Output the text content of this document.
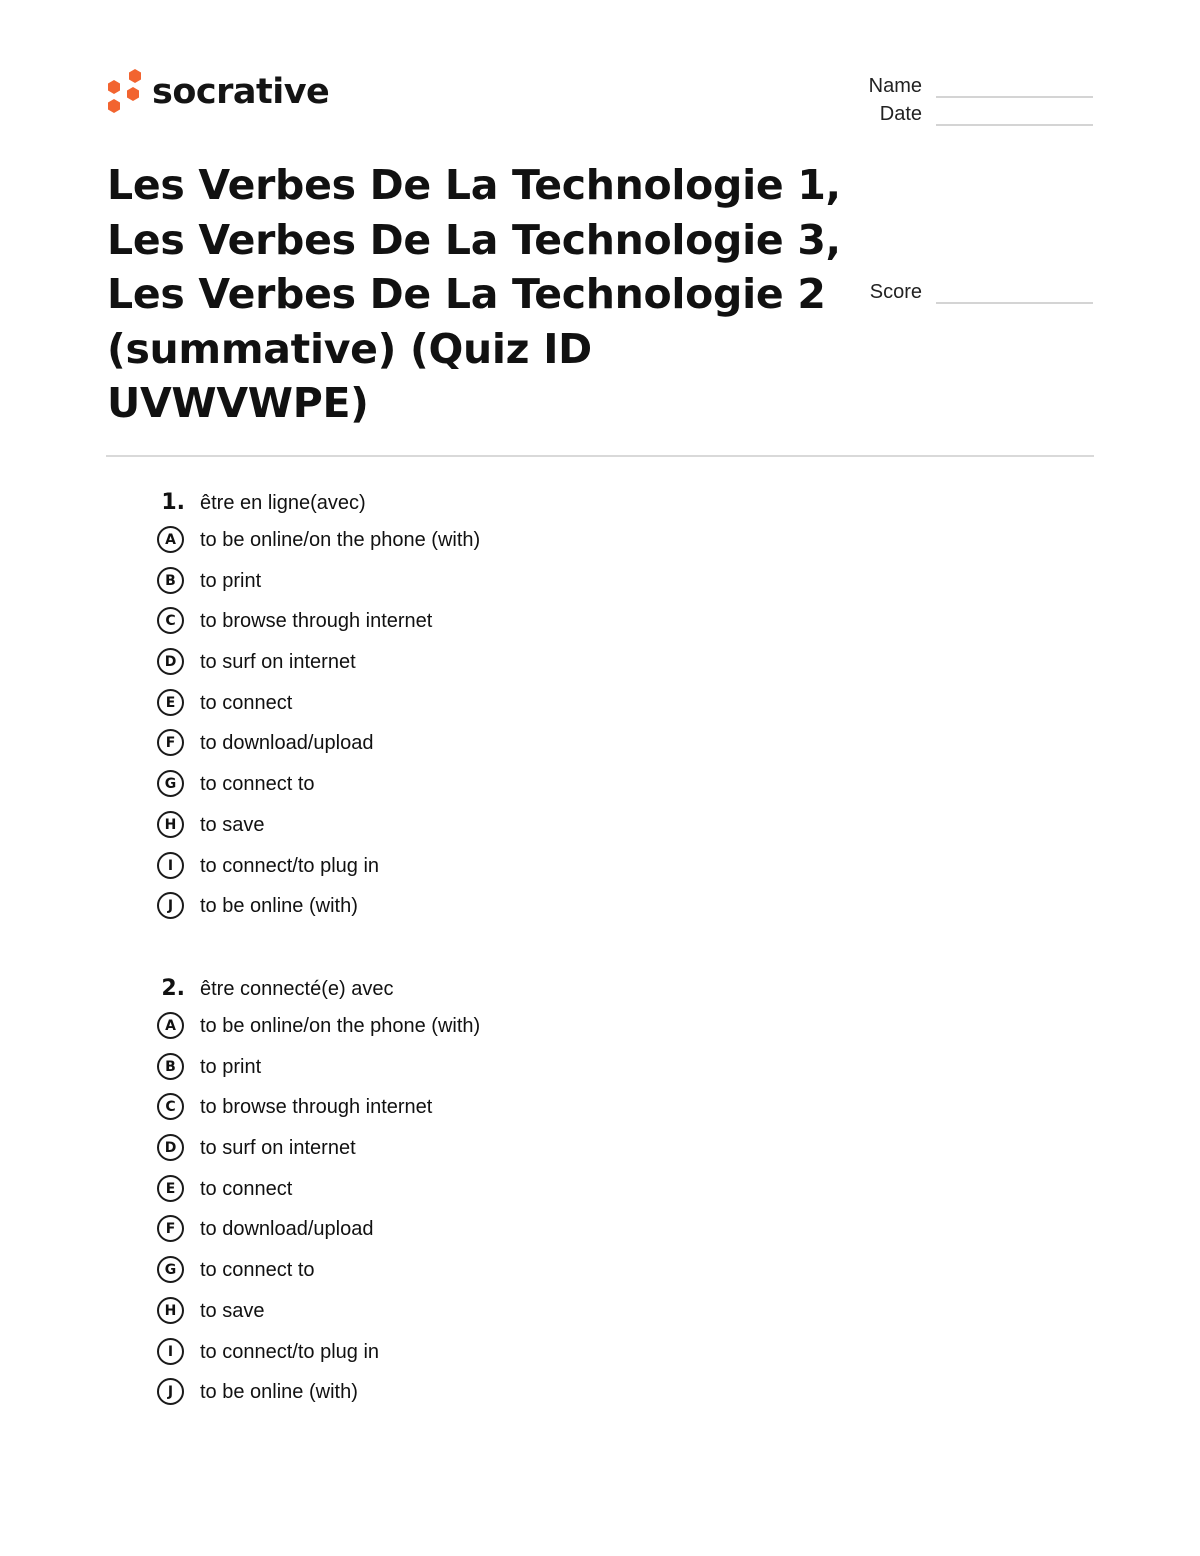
socrative	Name
Date
Score
Les Verbes De La Technologie 1,
Les Verbes De La Technologie 3,
Les Verbes De La Technologie 2
(summative) (Quiz ID
UVWVWPE)
1. être en ligne(avec)
A	to be online/on the phone (with)
B	to print
C	to browse through internet
D	to surf on internet
E	to connect
F	to download/upload
G	to connect to
H	to save
I	to connect/to plug in
J	to be online (with)
2. être connecté(e) avec
A	to be online/on the phone (with)
B	to print
C	to browse through internet
D	to surf on internet
E	to connect
F	to download/upload
G	to connect to
H	to save
I	to connect/to plug in
J	to be online (with)
